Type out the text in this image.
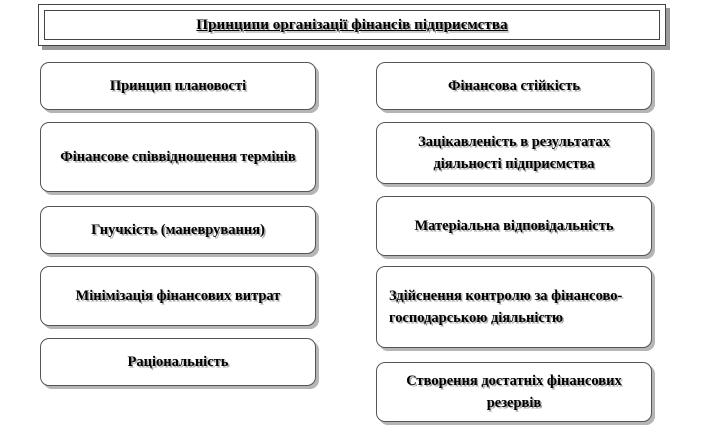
Принципи організації фінансів підприємства
Принцип плановості
Фінансове співвідношення термінів
Гнучкість (маневрування)
Мінімізація фінансових витрат
Раціональність
Фінансова стійкість
Зацікавленість в результатах діяльності підприємства
Матеріальна відповідальність
Здійснення контролю за фінансово-господарською діяльністю
Створення достатніх фінансових резервів
